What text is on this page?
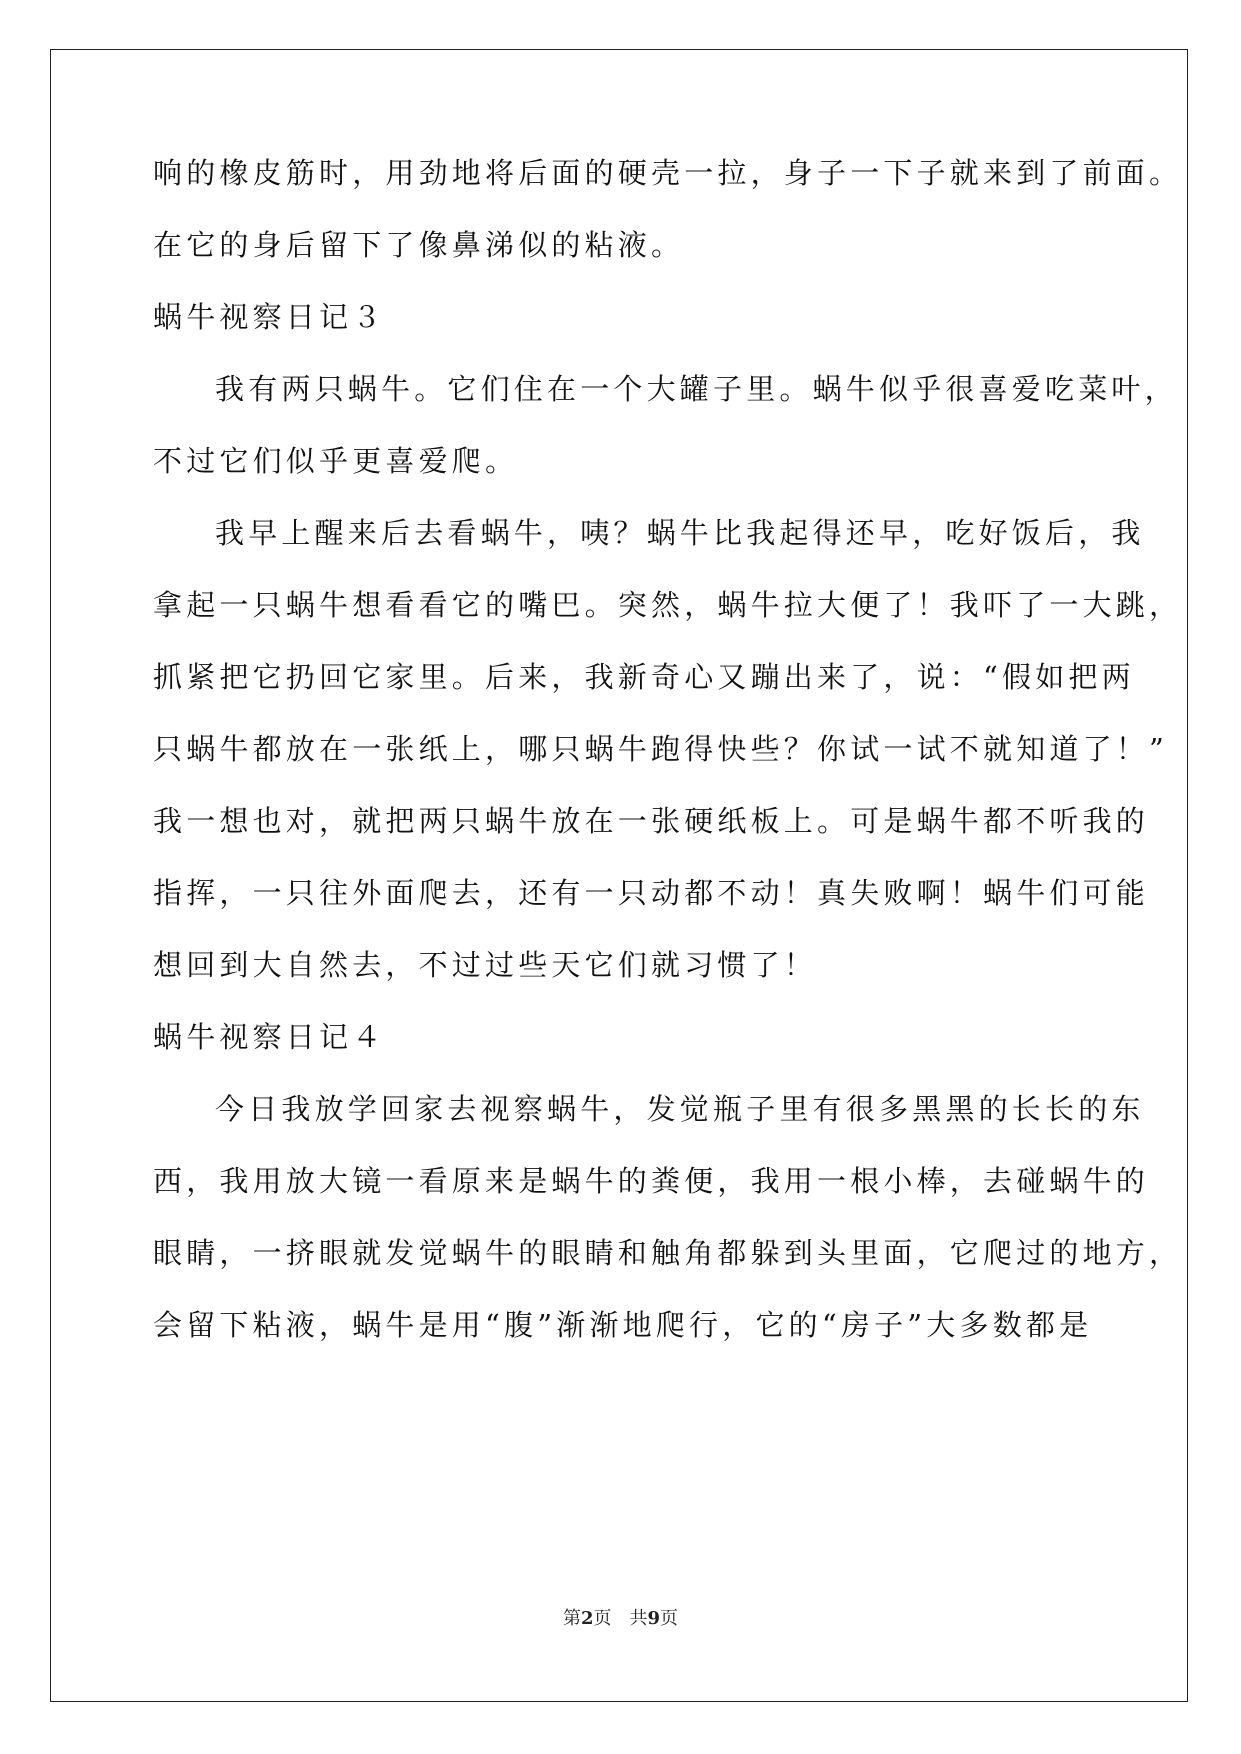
响的橡皮筋时，用劲地将后面的硬壳一拉，身子一下子就来到了前面。
在它的身后留下了像鼻涕似的粘液。
蜗牛视察日记３
我有两只蜗牛。它们住在一个大罐子里。蜗牛似乎很喜爱吃菜叶，
不过它们似乎更喜爱爬。
我早上醒来后去看蜗牛，咦？蜗牛比我起得还早，吃好饭后，我
拿起一只蜗牛想看看它的嘴巴。突然，蜗牛拉大便了！我吓了一大跳，
抓紧把它扔回它家里。后来，我新奇心又蹦出来了，说：“假如把两
只蜗牛都放在一张纸上，哪只蜗牛跑得快些？你试一试不就知道了！”
我一想也对，就把两只蜗牛放在一张硬纸板上。可是蜗牛都不听我的
指挥，一只往外面爬去，还有一只动都不动！真失败啊！蜗牛们可能
想回到大自然去，不过过些天它们就习惯了！
蜗牛视察日记４
今日我放学回家去视察蜗牛，发觉瓶子里有很多黑黑的长长的东
西，我用放大镜一看原来是蜗牛的粪便，我用一根小棒，去碰蜗牛的
眼睛，一挤眼就发觉蜗牛的眼睛和触角都躲到头里面，它爬过的地方，
会留下粘液，蜗牛是用“腹”渐渐地爬行，它的“房子”大多数都是
第2页　共9页
